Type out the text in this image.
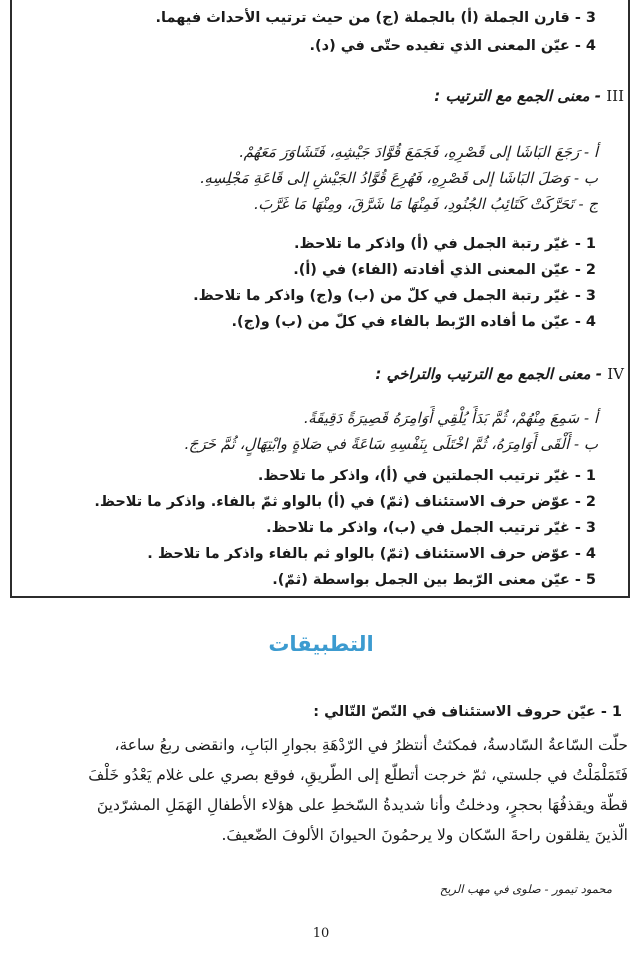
3 - قارن الجملة (أ) بالجملة (ج) من حيث ترتيب الأحداث فيهما.
4 - عيّن المعنى الذي تفيده حتّى في (د).
III - معنى الجمع مع الترتيب :
أ - رَجَعَ البَاشَا إلى قَصْرِهِ، فَجَمَعَ قُوَّادَ جَيْشِهِ، فَتَشَاوَرَ مَعَهُمْ.
ب - وَصَلَ البَاشَا إلى قَصْرِهِ، فَهُرِعَ قُوَّادُ الجَيْشِ إلى قَاعَةِ مَجْلِسِهِ.
ج - تَحَرَّكَتْ كَتَائِبُ الجُنُودِ، فَمِنْهَا مَا شَرَّقَ، ومِنْهَا مَا غَرَّبَ.
1 - غيّر رتبة الجمل في (أ) واذكر ما تلاحظ.
2 - عيّن المعنى الذي أفادته (الفاء) في (أ).
3 - غيّر رتبة الجمل في كلّ من (ب) و(ج) واذكر ما تلاحظ.
4 - عيّن ما أفاده الرّبط بالفاء في كلّ من (ب) و(ج).
IV - معنى الجمع مع الترتيب والتراخي :
أ - سَمِعَ مِنْهُمْ، ثُمَّ بَدَأَ يُلْقِي أَوَامِرَهُ قَصِيرَةً دَقِيقَةً.
ب - أَلْقَى أَوَامِرَهُ، ثُمَّ اخْتَلَى بِنَفْسِهِ سَاعَةً في صَلاةٍ وابْتِهَالٍ، ثُمَّ خَرَجَ.
1 - غيّر ترتيب الجملتين في (أ)، واذكر ما تلاحظ.
2 - عوّض حرف الاستئناف (ثمّ) في (أ) بالواو ثمّ بالفاء. واذكر ما تلاحظ.
3 - غيّر ترتيب الجمل في (ب)، واذكر ما تلاحظ.
4 - عوّض حرف الاستئناف (ثمّ) بالواو ثم بالفاء واذكر ما تلاحظ .
5 - عيّن معنى الرّبط بين الجمل بواسطة (ثمّ).
التطبيقات
1 - عيّن حروف الاستئناف في النّصّ التّالي :
حلّت السّاعةُ السّادسةُ، فمكثتُ أنتظرُ في الرّدْهَةِ بجوارِ البَابِ، وانقضى ربعُ ساعة،
فَتَمَلْمَلْتُ في جلستي، ثمّ خرجت أتطلّع إلى الطّريقِ، فوقع بصري على غلام يَعْدُو خَلْفَ
قطّة ويقذفُهَا بحجرٍ، ودخلتُ وأنا شديدةُ السّخطِ على هؤلاء الأطفالِ الهَمَلِ المشرّدينَ
الّذينَ يقلقون راحةَ السّكان ولا يرحمُونَ الحيوانَ الألوفَ الضّعيفَ.
محمود تيمور - صلوى في مهب الريح
10
